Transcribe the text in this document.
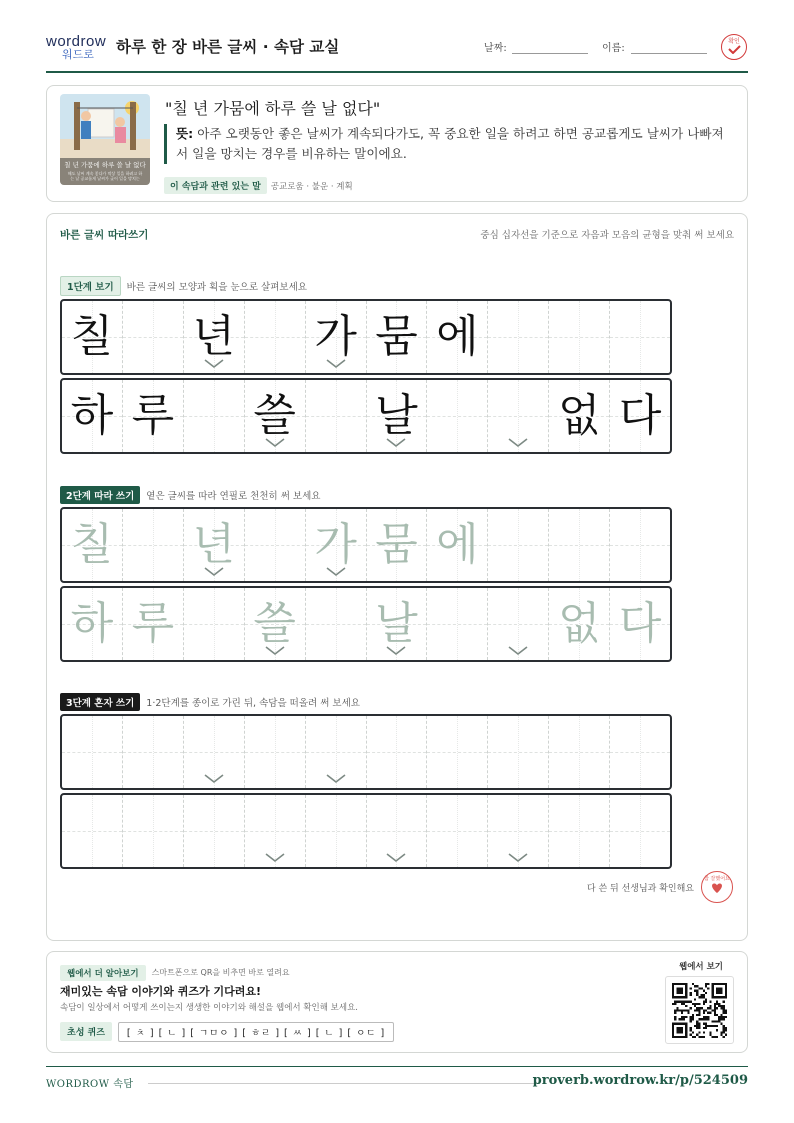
wordrow
워드로	하루 한 장 바른 글씨 · 속담 교실	날짜:	이름:
확인
칠 년 가뭄에 하루 쓸 날 없다
해도 날씨 계속 좋다가 막상 일을 하려고 하는 날 공교롭게 날씨가 궂어 일을 망치는
"칠 년 가뭄에 하루 쓸 날 없다"
뜻: 아주 오랫동안 좋은 날씨가 계속되다가도, 꼭 중요한 일을 하려고 하면 공교롭게도 날씨가 나빠져서 일을 망치는 경우를 비유하는 말이에요.
이 속담과 관련 있는 말 공교로움 · 불운 · 계획
바른 글씨 따라쓰기	중심 십자선을 기준으로 자음과 모음의 균형을 맞춰 써 보세요
1단계 보기 바른 글씨의 모양과 획을 눈으로 살펴보세요
칠 년 가 뭄 에
하 루 쓸 날	없 다
2단계 따라 쓰기 옅은 글씨를 따라 연필로 천천히 써 보세요
칠 년 가 뭄 에
하 루 쓸 날	없 다
3단계 혼자 쓰기 1·2단계를 종이로 가린 뒤, 속담을 떠올려 써 보세요
다 쓴 뒤 선생님과 확인해요
참 잘했어요
웹에서 더 알아보기 스마트폰으로 QR을 비추면 바로 열려요
재미있는 속담 이야기와 퀴즈가 기다려요!
속담이 일상에서 어떻게 쓰이는지 생생한 이야기와 해설을 웹에서 확인해 보세요.
초성 퀴즈 [ ㅊ ] [ ㄴ ] [ ㄱㅁㅇ ] [ ㅎㄹ ] [ ㅆ ] [ ㄴ ] [ ㅇㄷ ]
웹에서 보기
WORDROW 속담	proverb.wordrow.kr/p/524509
